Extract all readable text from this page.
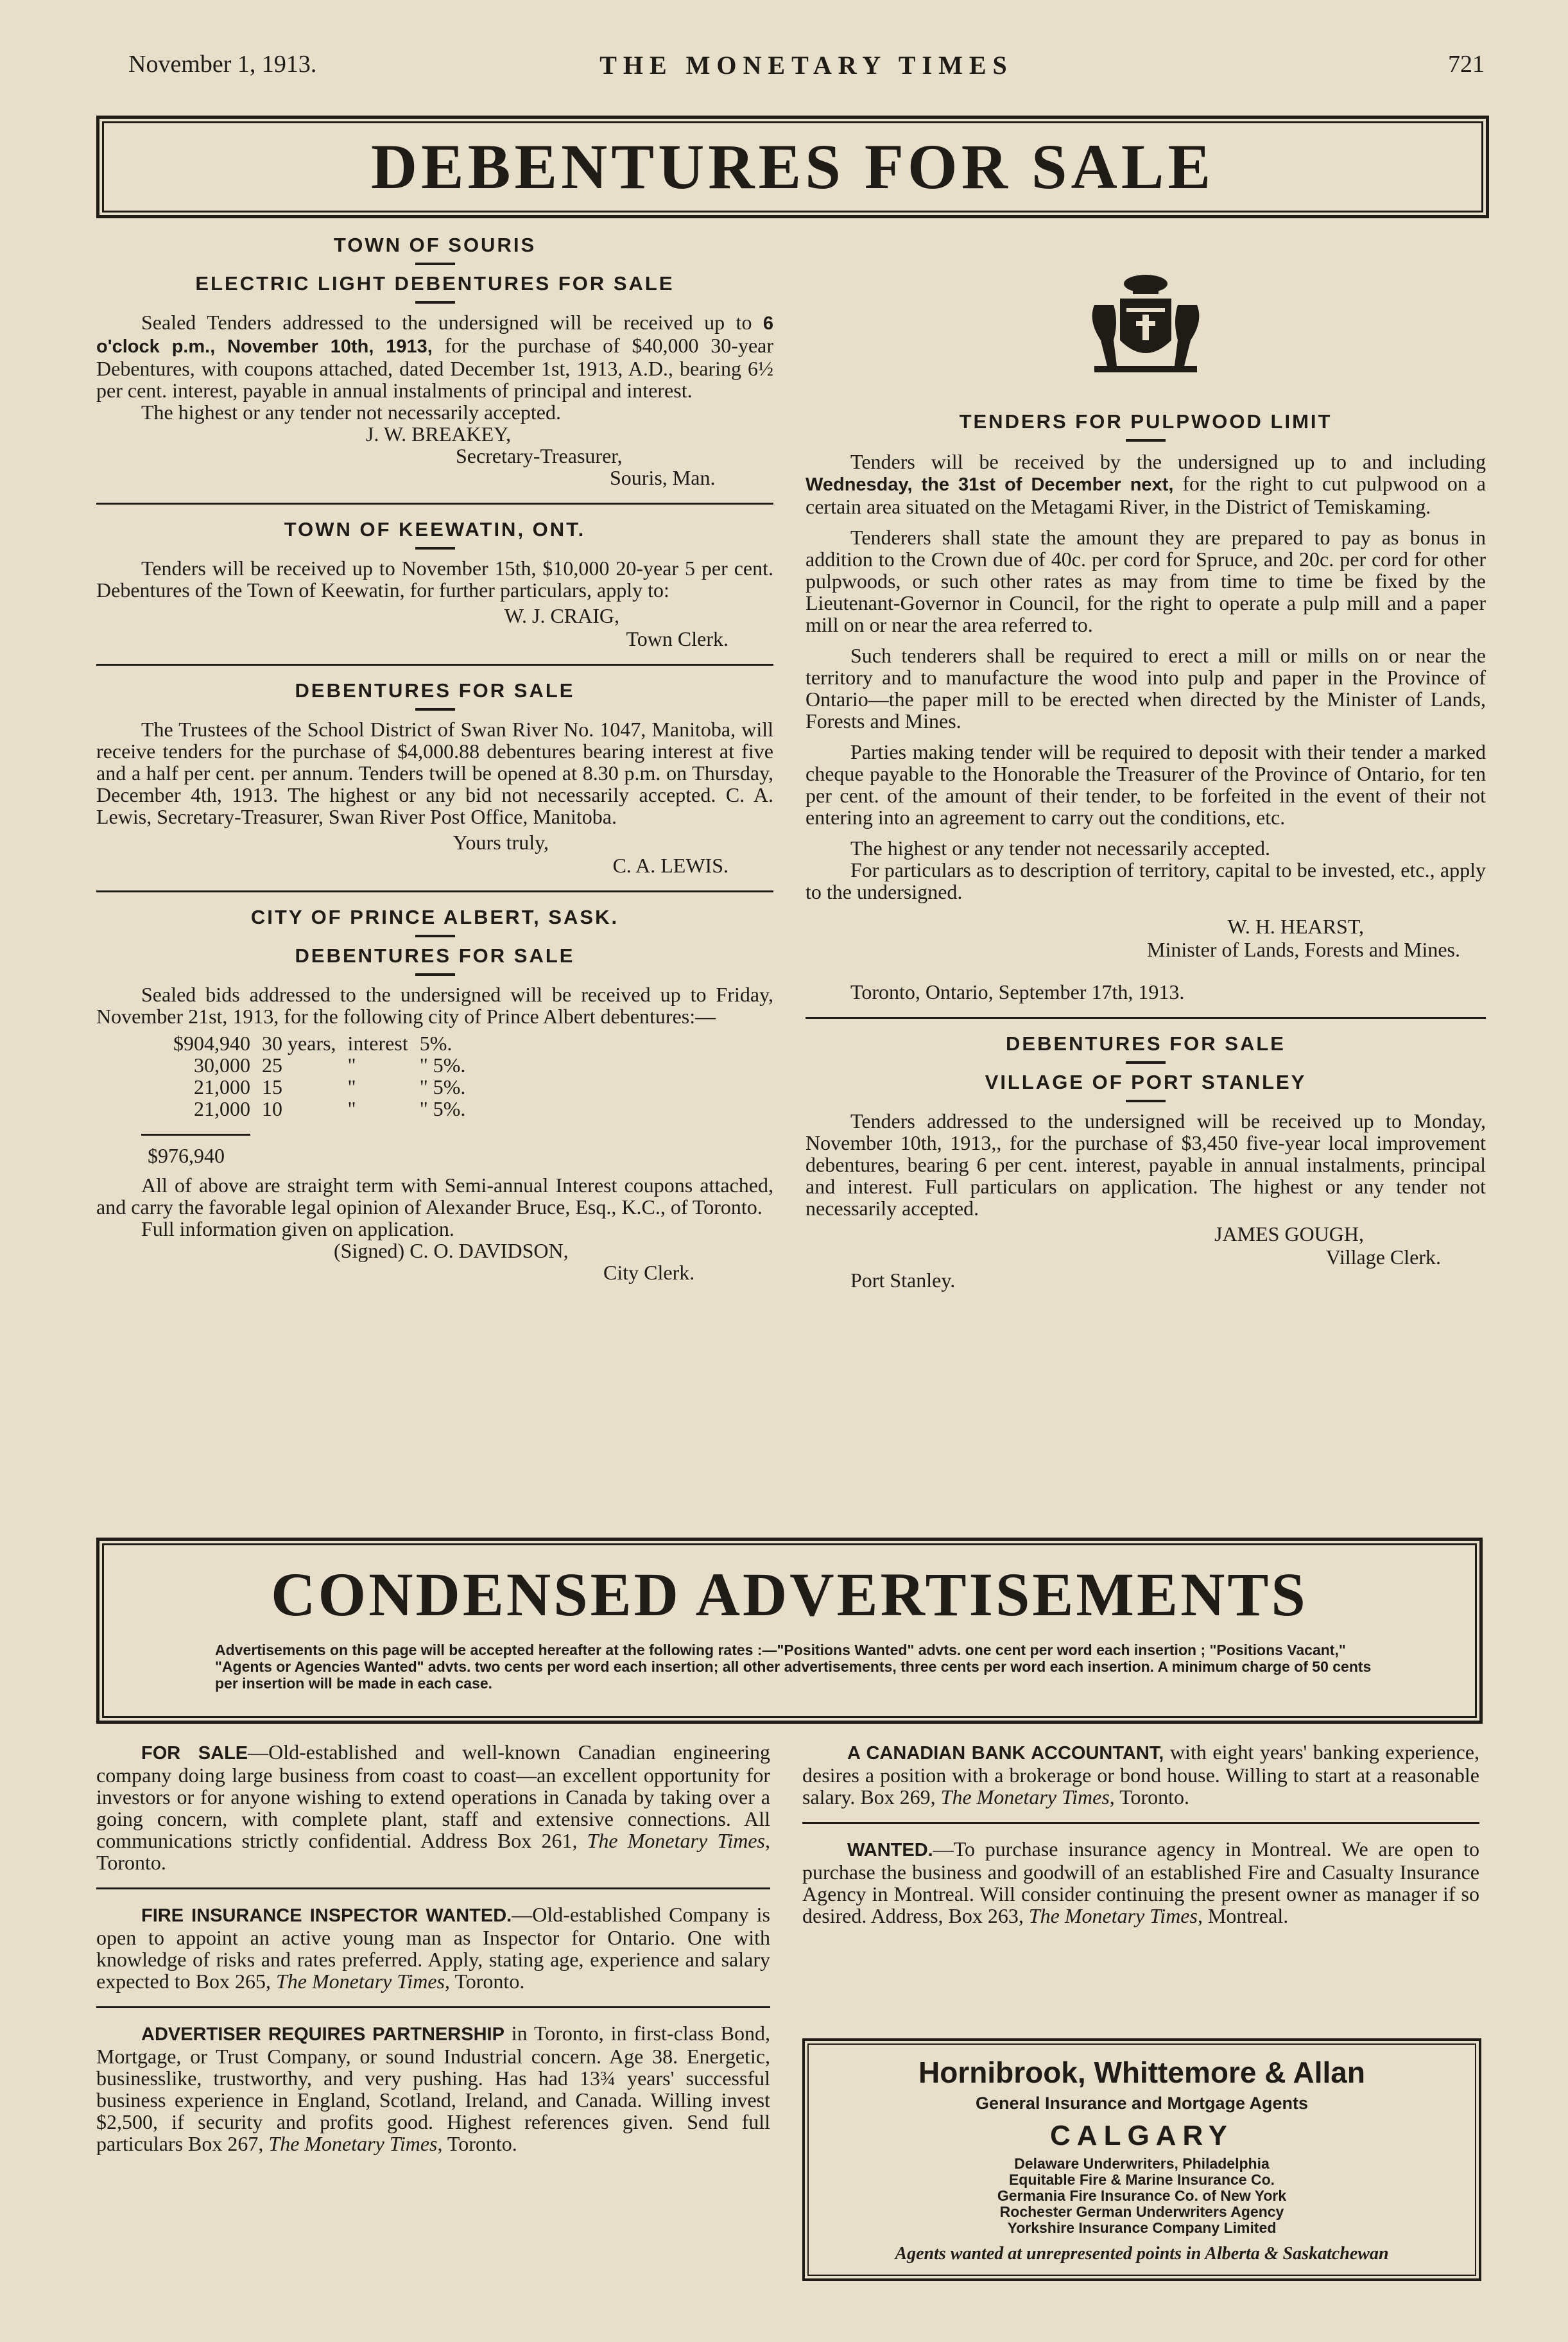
November 1, 1913.	THE MONETARY TIMES	721
DEBENTURES FOR SALE
TOWN OF SOURIS
ELECTRIC LIGHT DEBENTURES FOR SALE

Sealed Tenders addressed to the undersigned will be received up to 6 o'clock p.m., November 10th, 1913, for the purchase of $40,000 30-year Debentures, with coupons attached, dated December 1st, 1913, A.D., bearing 6½ per cent. interest, payable in annual instalments of principal and interest.

The highest or any tender not necessarily accepted.

J. W. BREAKEY,
Secretary-Treasurer,
Souris, Man.
TOWN OF KEEWATIN, ONT.

Tenders will be received up to November 15th, $10,000 20-year 5 per cent. Debentures of the Town of Keewatin, for further particulars, apply to:

W. J. CRAIG,
Town Clerk.
DEBENTURES FOR SALE

The Trustees of the School District of Swan River No. 1047, Manitoba, will receive tenders for the purchase of $4,000.88 debentures bearing interest at five and a half per cent. per annum. Tenders twill be opened at 8.30 p.m. on Thursday, December 4th, 1913. The highest or any bid not necessarily accepted. C. A. Lewis, Secretary-Treasurer, Swan River Post Office, Manitoba.

Yours truly,
C. A. LEWIS.
CITY OF PRINCE ALBERT, SASK.
DEBENTURES FOR SALE

Sealed bids addressed to the undersigned will be received up to Friday, November 21st, 1913, for the following city of Prince Albert debentures:—

$904,940	30 years,	interest	5%.
30,000	25	"	" 5%.
21,000	15	"	" 5%.
21,000	10	"	" 5%.
$976,940

All of above are straight term with Semi-annual Interest coupons attached, and carry the favorable legal opinion of Alexander Bruce, Esq., K.C., of Toronto.

Full information given on application.

(Signed) C. O. DAVIDSON,
City Clerk.
TENDERS FOR PULPWOOD LIMIT

Tenders will be received by the undersigned up to and including Wednesday, the 31st of December next, for the right to cut pulpwood on a certain area situated on the Metagami River, in the District of Temiskaming.

Tenderers shall state the amount they are prepared to pay as bonus in addition to the Crown due of 40c. per cord for Spruce, and 20c. per cord for other pulpwoods, or such other rates as may from time to time be fixed by the Lieutenant-Governor in Council, for the right to operate a pulp mill and a paper mill on or near the area referred to.

Such tenderers shall be required to erect a mill or mills on or near the territory and to manufacture the wood into pulp and paper in the Province of Ontario—the paper mill to be erected when directed by the Minister of Lands, Forests and Mines.

Parties making tender will be required to deposit with their tender a marked cheque payable to the Honorable the Treasurer of the Province of Ontario, for ten per cent. of the amount of their tender, to be forfeited in the event of their not entering into an agreement to carry out the conditions, etc.

The highest or any tender not necessarily accepted.

For particulars as to description of territory, capital to be invested, etc., apply to the undersigned.

W. H. HEARST,
Minister of Lands, Forests and Mines.

Toronto, Ontario, September 17th, 1913.

DEBENTURES FOR SALE
VILLAGE OF PORT STANLEY

Tenders addressed to the undersigned will be received up to Monday, November 10th, 1913,, for the purchase of $3,450 five-year local improvement debentures, bearing 6 per cent. interest, payable in annual instalments, principal and interest. Full particulars on application. The highest or any tender not necessarily accepted.

JAMES GOUGH,
Village Clerk.

Port Stanley.

CONDENSED ADVERTISEMENTS
Advertisements on this page will be accepted hereafter at the following rates :—"Positions Wanted" advts. one cent per word each insertion ; "Positions Vacant," "Agents or Agencies Wanted" advts. two cents per word each insertion; all other advertisements, three cents per word each insertion. A minimum charge of 50 cents per insertion will be made in each case.

FOR SALE—Old-established and well-known Canadian engineering company doing large business from coast to coast—an excellent opportunity for investors or for anyone wishing to extend operations in Canada by taking over a going concern, with complete plant, staff and extensive connections. All communications strictly confidential. Address Box 261, The Monetary Times, Toronto.

FIRE INSURANCE INSPECTOR WANTED.—Old-established Company is open to appoint an active young man as Inspector for Ontario. One with knowledge of risks and rates preferred. Apply, stating age, experience and salary expected to Box 265, The Monetary Times, Toronto.

ADVERTISER REQUIRES PARTNERSHIP in Toronto, in first-class Bond, Mortgage, or Trust Company, or sound Industrial concern. Age 38. Energetic, businesslike, trustworthy, and very pushing. Has had 13¾ years' successful business experience in England, Scotland, Ireland, and Canada. Willing invest $2,500, if security and profits good. Highest references given. Send full particulars Box 267, The Monetary Times, Toronto.

A CANADIAN BANK ACCOUNTANT, with eight years' banking experience, desires a position with a brokerage or bond house. Willing to start at a reasonable salary. Box 269, The Monetary Times, Toronto.

WANTED.—To purchase insurance agency in Montreal. We are open to purchase the business and goodwill of an established Fire and Casualty Insurance Agency in Montreal. Will consider continuing the present owner as manager if so desired. Address, Box 263, The Monetary Times, Montreal.

Hornibrook, Whittemore & Allan
General Insurance and Mortgage Agents
CALGARY
Delaware Underwriters, Philadelphia
Equitable Fire & Marine Insurance Co.
Germania Fire Insurance Co. of New York
Rochester German Underwriters Agency
Yorkshire Insurance Company Limited
Agents wanted at unrepresented points in Alberta & Saskatchewan
